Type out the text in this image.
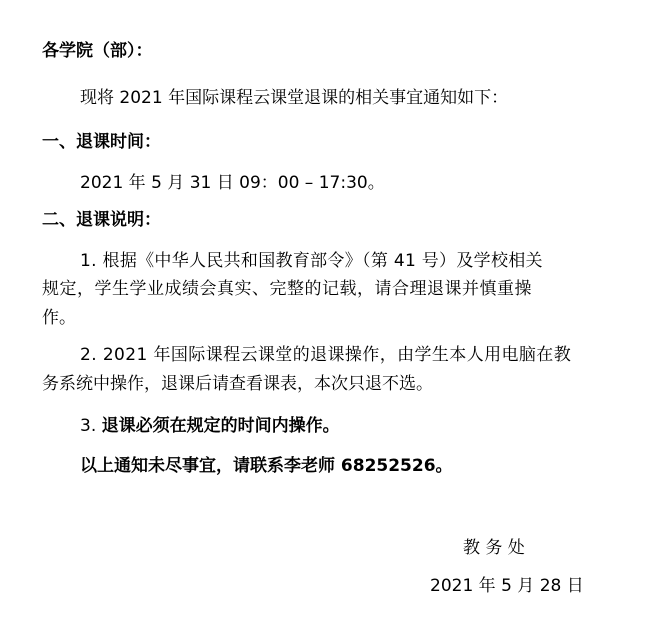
各学院（部）：
现将 2021 年国际课程云课堂退课的相关事宜通知如下：
一、退课时间：
2021 年 5 月 31 日 09：00 – 17:30。
二、退课说明：
1. 根据《中华人民共和国教育部令》（第 41 号）及学校相关
规定，学生学业成绩会真实、完整的记载，请合理退课并慎重操
作。
2. 2021 年国际课程云课堂的退课操作，由学生本人用电脑在教
务系统中操作，退课后请查看课表，本次只退不选。
3. 退课必须在规定的时间内操作。
以上通知未尽事宜，请联系李老师 68252526。
教 务 处
2021 年 5 月 28 日
